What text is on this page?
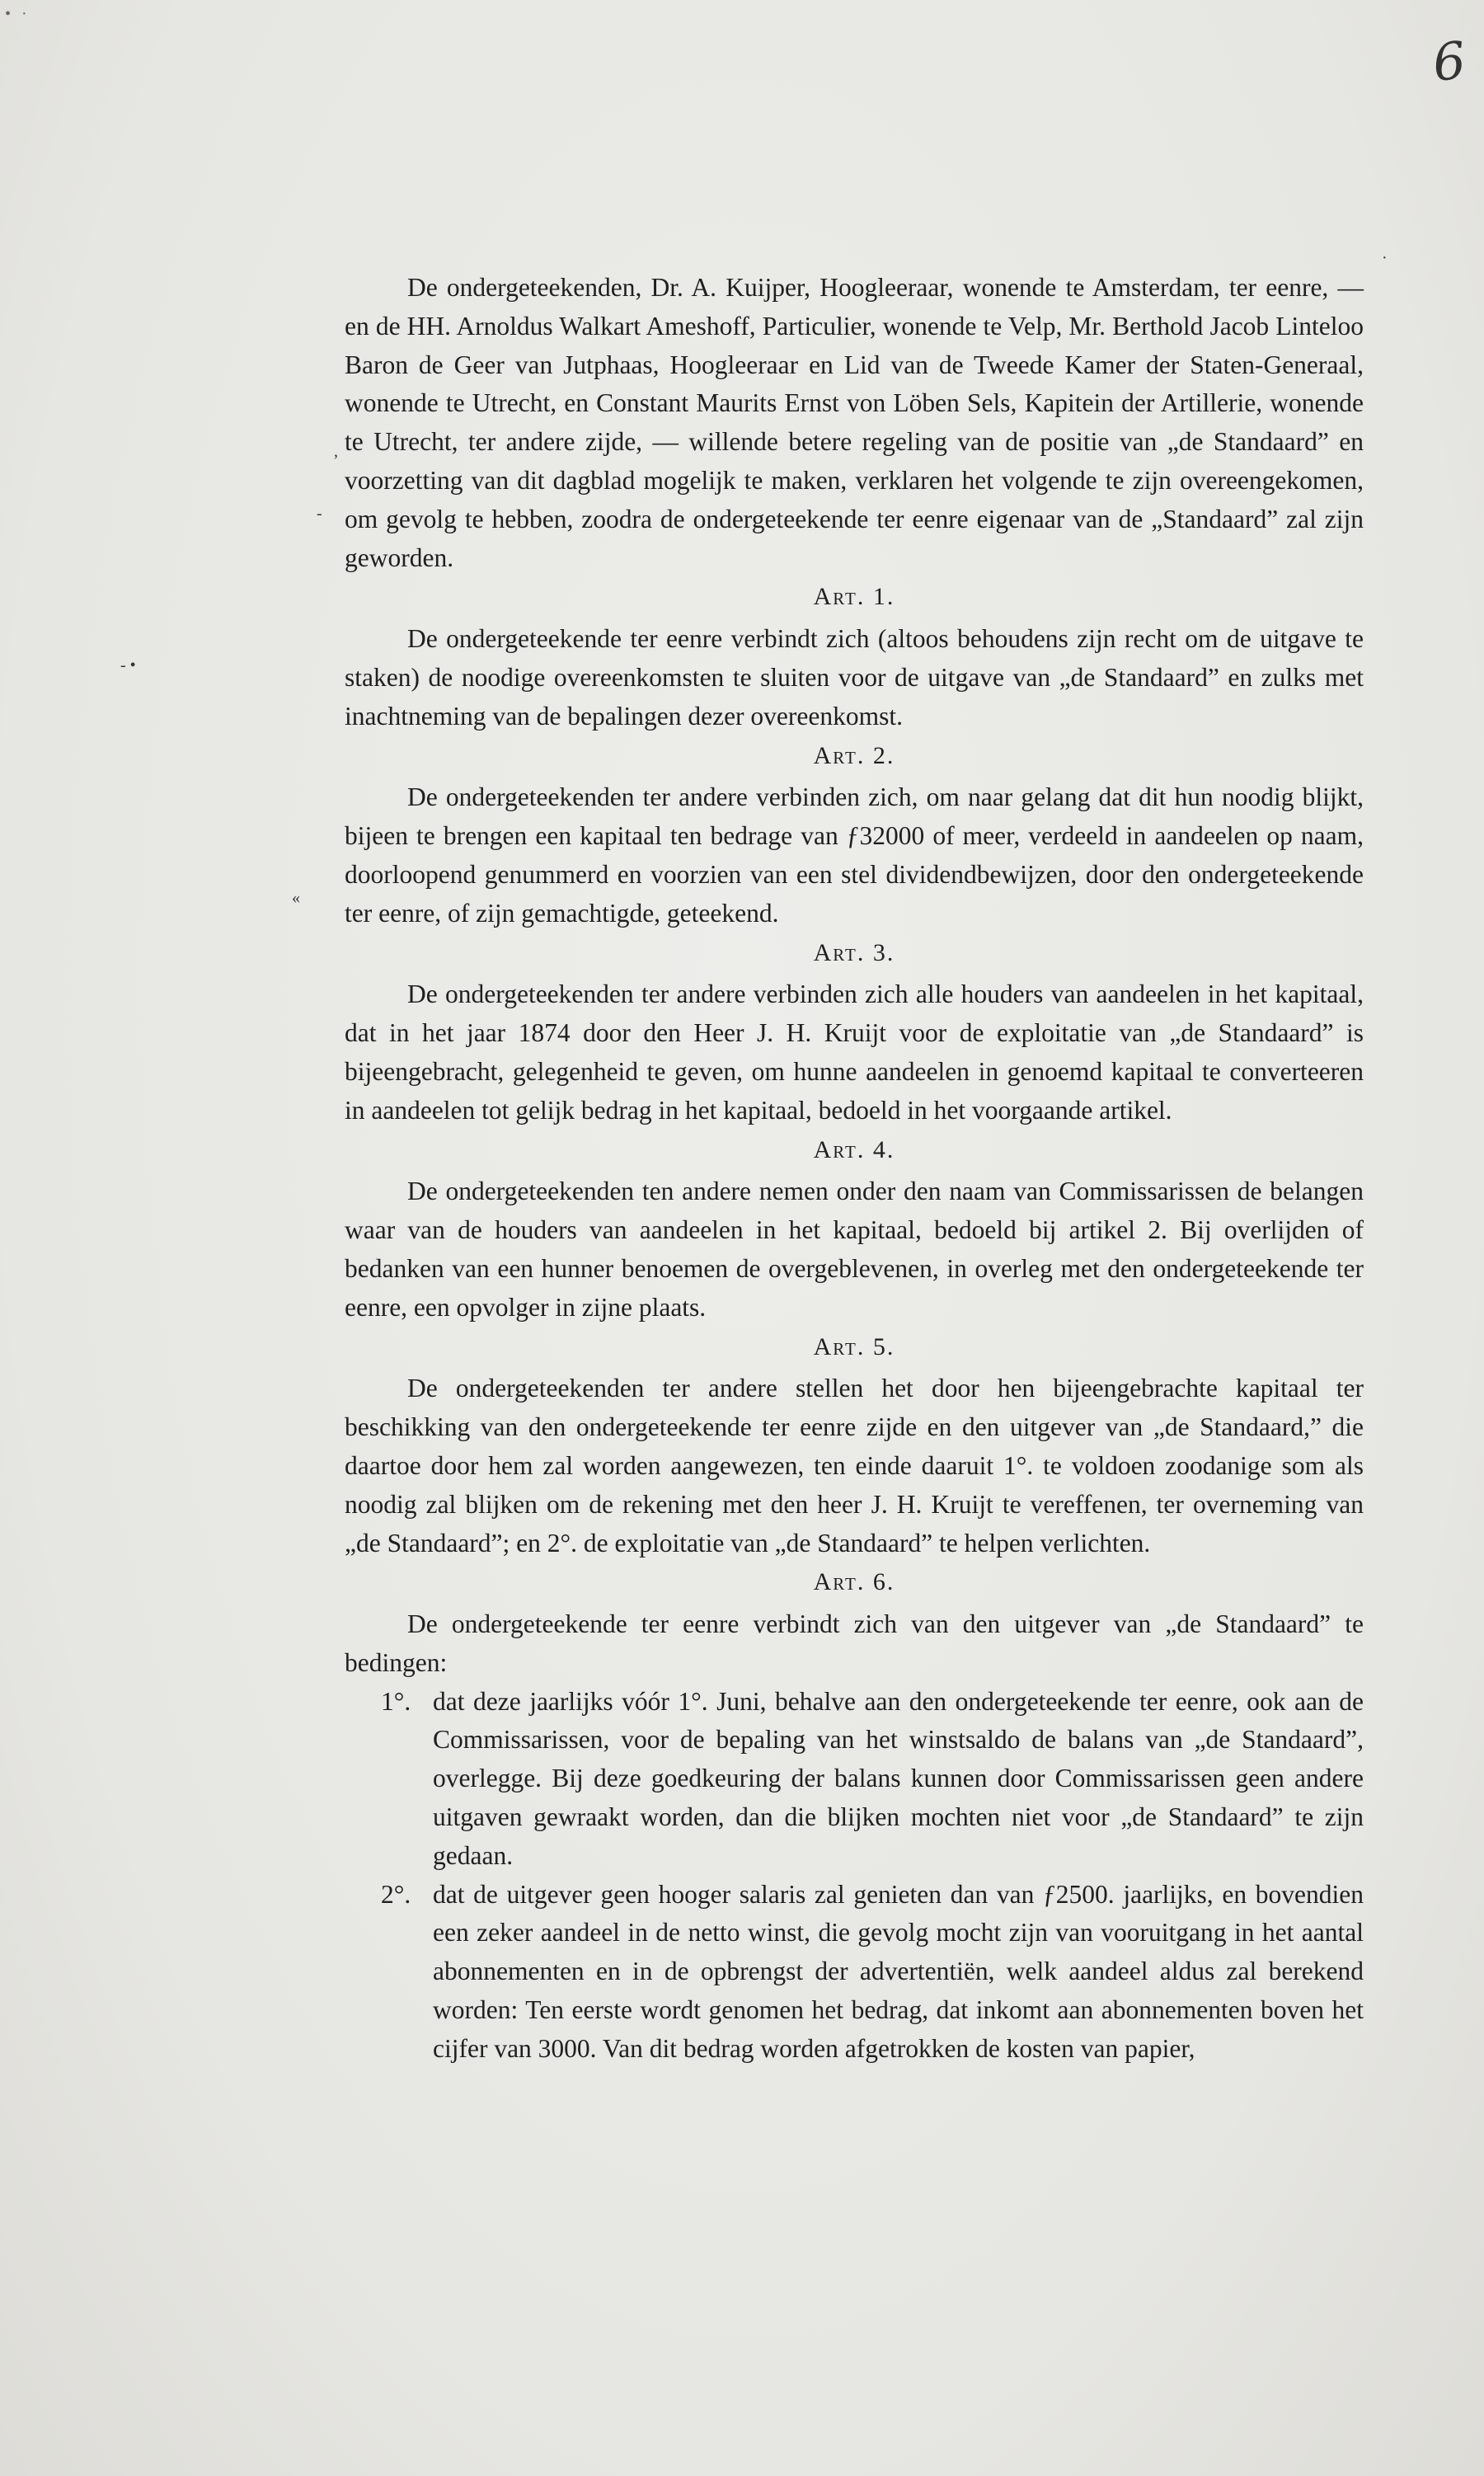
• ·
6
- •
ʼ
-
·
«

De ondergeteekenden, Dr. A. Kuijper, Hoogleeraar, wonende te Amsterdam, ter eenre, — en de HH. Arnoldus Walkart Ameshoff, Particulier, wonende te Velp, Mr. Berthold Jacob Linteloo Baron de Geer van Jutphaas, Hoogleeraar en Lid van de Tweede Kamer der Staten-Generaal, wonende te Utrecht, en Constant Maurits Ernst von Löben Sels, Kapitein der Artillerie, wonende te Utrecht, ter andere zijde, — willende betere regeling van de positie van „de Standaard” en voorzetting van dit dagblad mogelijk te maken, verklaren het volgende te zijn overeengekomen, om gevolg te hebben, zoodra de ondergeteekende ter eenre eigenaar van de „Standaard” zal zijn geworden.

Art. 1.

De ondergeteekende ter eenre verbindt zich (altoos behoudens zijn recht om de uitgave te staken) de noodige overeenkomsten te sluiten voor de uitgave van „de Standaard” en zulks met inachtneming van de bepalingen dezer overeenkomst.

Art. 2.

De ondergeteekenden ter andere verbinden zich, om naar gelang dat dit hun noodig blijkt, bijeen te brengen een kapitaal ten bedrage van ƒ32000 of meer, verdeeld in aandeelen op naam, doorloopend genummerd en voorzien van een stel dividendbewijzen, door den ondergeteekende ter eenre, of zijn gemachtigde, geteekend.

Art. 3.

De ondergeteekenden ter andere verbinden zich alle houders van aandeelen in het kapitaal, dat in het jaar 1874 door den Heer J. H. Kruijt voor de exploitatie van „de Standaard” is bijeengebracht, gelegenheid te geven, om hunne aandeelen in genoemd kapitaal te converteeren in aandeelen tot gelijk bedrag in het kapitaal, bedoeld in het voorgaande artikel.

Art. 4.

De ondergeteekenden ten andere nemen onder den naam van Commissarissen de belangen waar van de houders van aandeelen in het kapitaal, bedoeld bij artikel 2. Bij overlijden of bedanken van een hunner benoemen de overgeblevenen, in overleg met den ondergeteekende ter eenre, een opvolger in zijne plaats.

Art. 5.

De ondergeteekenden ter andere stellen het door hen bijeengebrachte kapitaal ter beschikking van den ondergeteekende ter eenre zijde en den uitgever van „de Standaard,” die daartoe door hem zal worden aangewezen, ten einde daaruit 1°. te voldoen zoodanige som als noodig zal blijken om de rekening met den heer J. H. Kruijt te vereffenen, ter overneming van „de Standaard”; en 2°. de exploitatie van „de Standaard” te helpen verlichten.

Art. 6.

De ondergeteekende ter eenre verbindt zich van den uitgever van „de Standaard” te bedingen:

1°. dat deze jaarlijks vóór 1°. Juni, behalve aan den ondergeteekende ter eenre, ook aan de Commissarissen, voor de bepaling van het winstsaldo de balans van „de Standaard”, overlegge. Bij deze goedkeuring der balans kunnen door Commissarissen geen andere uitgaven gewraakt worden, dan die blijken mochten niet voor „de Standaard” te zijn gedaan.
2°. dat de uitgever geen hooger salaris zal genieten dan van ƒ2500. jaarlijks, en bovendien een zeker aandeel in de netto winst, die gevolg mocht zijn van vooruitgang in het aantal abonnementen en in de opbrengst der advertentiën, welk aandeel aldus zal berekend worden: Ten eerste wordt genomen het bedrag, dat inkomt aan abonnementen boven het cijfer van 3000. Van dit bedrag worden afgetrokken de kosten van papier,
